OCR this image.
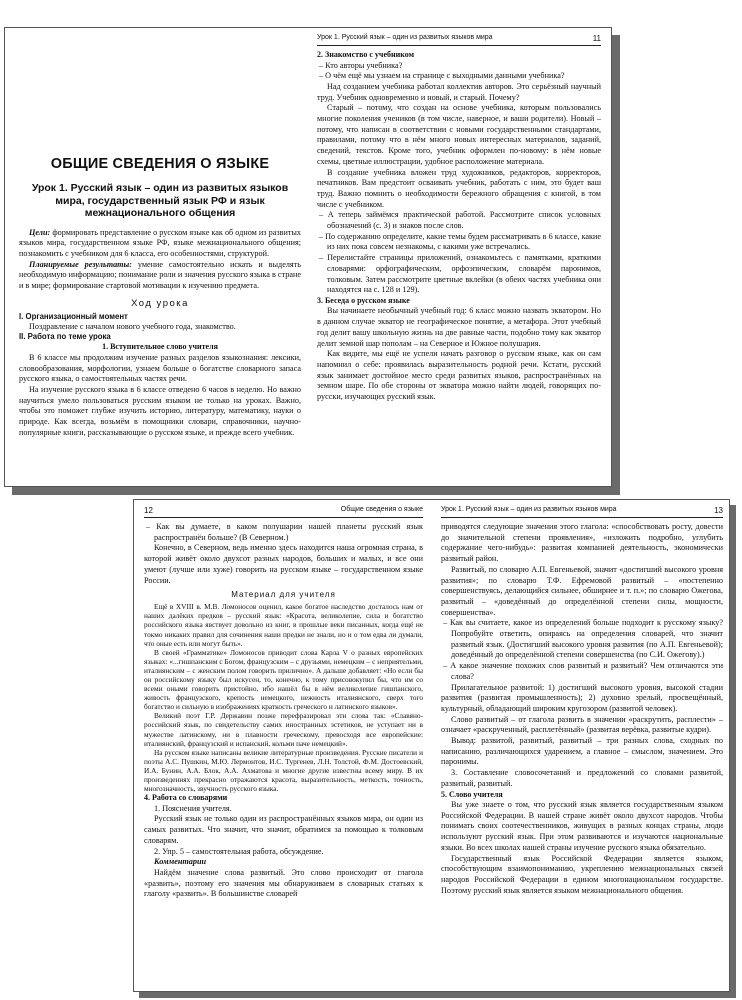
ОБЩИЕ СВЕДЕНИЯ О ЯЗЫКЕ
Урок 1. Русский язык – один из развитых языков мира, государственный язык РФ и язык межнационального общения

Цели: формировать представление о русском языке как об одном из развитых языков мира, государственном языке РФ, языке межнационального общения; познакомить с учебником для 6 класса, его особенностями, структурой.

Планируемые результаты: умение самостоятельно искать и выделять необходимую информацию; понимание роли и значения русского языка в стране и в мире; формирование стартовой мотивации к изучению предмета.

Ход урока
I. Организационный момент

Поздравление с началом нового учебного года, знакомство.

II. Работа по теме урока
1. Вступительное слово учителя

В 6 классе мы продолжим изучение разных разделов языкознания: лексики, словообразования, морфологии, узнаем больше о богатстве словарного запаса русского языка, о самостоятельных частях речи.

На изучение русского языка в 6 классе отведено 6 часов в неделю. Но важно научиться умело пользоваться русским языком не только на уроках. Важно, чтобы это поможет глубже изучить историю, литературу, математику, науки о природе. Как всегда, возьмём в помощники словари, справочники, научно-популярные книги, рассказывающие о русском языке, и прежде всего учебник.

Урок 1. Русский язык – один из развитых языков мира	11
2. Знакомство с учебником

– Кто авторы учебника?

– О чём ещё мы узнаем на странице с выходными данными учебника?

Над созданием учебника работал коллектив авторов. Это серьёзный научный труд. Учебник одновременно и новый, и старый. Почему?

Старый – потому, что создан на основе учебника, которым пользовались многие поколения учеников (в том числе, наверное, и ваши родители). Новый – потому, что написан в соответствии с новыми государственными стандартами, правилами, потому что в нём много новых интересных материалов, заданий, сведений, текстов. Кроме того, учебник оформлен по-новому: в нём новые схемы, цветные иллюстрации, удобное расположение материала.

В создание учебника вложен труд художников, редакторов, корректоров, печатников. Вам предстоит осваивать учебник, работать с ним, это будет ваш труд. Важно помнить о необходимости бережного обращения с книгой, в том числе с учебником.

– А теперь займёмся практической работой. Рассмотрите список условных обозначений (с. 3) и знаков после слов.

– По содержанию определите, какие темы будем рассматривать в 6 классе, какие из них пока совсем незнакомы, с какими уже встречались.

– Перелистайте страницы приложений, ознакомьтесь с памятками, краткими словарями: орфографическим, орфоэпическим, словарём паронимов, толковым. Затем рассмотрите цветные вклейки (в обеих частях учебника они находятся на с. 128 и 129).

3. Беседа о русском языке

Вы начинаете необычный учебный год: 6 класс можно назвать экватором. Но в данном случае экватор не географическое понятие, а метафора. Этот учебный год делит вашу школьную жизнь на две равные части, подобно тому как экватор делит земной шар пополам – на Северное и Южное полушария.

Как видите, мы ещё не успели начать разговор о русском языке, как он сам напомнил о себе: проявилась выразительность родной речи. Кстати, русский язык занимает достойное место среди развитых языков, распространённых на земном шаре. По обе стороны от экватора можно найти людей, говорящих по-русски, изучающих русский язык.

12	Общие сведения о языке

– Как вы думаете, в каком полушарии нашей планеты русский язык распространён больше? (В Северном.)

Конечно, в Северном, ведь именно здесь находится наша огромная страна, в которой живёт около двухсот разных народов, больших и малых, и все они умеют (лучше или хуже) говорить на русском языке – государственном языке России.

Материал для учителя

Ещё в XVIII в. М.В. Ломоносов оценил, какое богатое наследство досталось нам от наших далёких предков – русский язык: «Красота, великолепие, сила и богатство российского языка явствует довольно из книг, в прошлые веки писанных, когда ещё не токмо никаких правил для сочинения наши предки не знали, но и о том едва ли думали, что оные есть или могут быть».

В своей «Грамматике» Ломоносов приводит слова Карла V о разных европейских языках: «...гишпанским с Богом, французским – с друзьями, немецким – с неприятельми, италиянским – с женским полом говорить прилично». А дальше добавляет: «Но если бы он российскому языку был искусен, то, конечно, к тому присовокупил бы, что им со всеми оными говорить пристойно, ибо нашёл бы в нём великолепие гишпанского, живость французского, крепость немецкого, нежность италиянского, сверх того богатство и сильную в изображениях краткость греческого и латинского языков».

Великий поэт Г.Р. Державин позже перефразировал эти слова так: «Славяно-российский язык, по свидетельству самих иностранных эстетиков, не уступает ни в мужестве латинскому, ни в плавности греческому, превосходя все европейские: италиянский, французский и испанский, кольми паче немецкий».

На русском языке написаны великие литературные произведения. Русские писатели и поэты А.С. Пушкин, М.Ю. Лермонтов, И.С. Тургенев, Л.Н. Толстой, Ф.М. Достоевский, И.А. Бунин, А.А. Блок, А.А. Ахматова и многие другие известны всему миру. В их произведениях прекрасно отражаются красота, выразительность, меткость, точность, многозначность, звучность русского языка.

4. Работа со словарями

1. Пояснения учителя.

Русский язык не только один из распространённых языков мира, он один из самых развитых. Что значит, что значит, обратимся за помощью к толковым словарям.

2. Упр. 5 – самостоятельная работа, обсуждение.

Комментарии

Найдём значение слова развитый. Это слово происходит от глагола «развить», поэтому его значения мы обнаруживаем в словарных статьях к глаголу «развить». В большинстве словарей

Урок 1. Русский язык – один из развитых языков мира	13

приводятся следующие значения этого глагола: «способствовать росту, довести до значительной степени проявления», «изложить подробно, углубить содержание чего-нибудь»: развитая компанией деятельность, экономически развитый район.

Развитый, по словарю А.П. Евгеньевой, значит «достигший высокого уровня развития»; по словарю Т.Ф. Ефремовой развитый – «постепенно совершенствуясь, делающийся сильнее, обширнее и т. п.»; по словарю Ожегова, развитый – «доведённый до определённой степени силы, мощности, совершенства».

– Как вы считаете, какое из определений больше подходит к русскому языку? Попробуйте ответить, опираясь на определения словарей, что значит развитый язык. (Достигший высокого уровня развития (по А.П. Евгеньевой); доведённый до определённой степени совершенства (по С.И. Ожегову).)

– А какое значение похожих слов развитый и развитый? Чем отличаются эти слова?

Прилагательное развитой: 1) достигший высокого уровня, высокой стадии развития (развитая промышленность); 2) духовно зрелый, просвещённый, культурный, обладающий широким кругозором (развитой человек).

Слово развитый – от глагола развить в значении «раскрутить, расплести» – означает «раскрученный, расплетённый» (развитая верёвка, развитые кудри).

Вывод: развитой, развитый, развитый – три разных слова, сходных по написанию, различающихся ударением, а главное – смыслом, значением. Это паронимы.

3. Составление словосочетаний и предложений со словами развитой, развитый, развитый.

5. Слово учителя

Вы уже знаете о том, что русский язык является государственным языком Российской Федерации. В нашей стране живёт около двухсот народов. Чтобы понимать своих соотечественников, живущих в разных концах страны, люди используют русский язык. При этом развиваются и изучаются национальные языки. Во всех школах нашей страны изучение русского языка обязательно.

Государственный язык Российской Федерации является языком, способствующим взаимопониманию, укреплению межнациональных связей народов Российской Федерации в едином многонациональном государстве. Поэтому русский язык является языком межнационального общения.
